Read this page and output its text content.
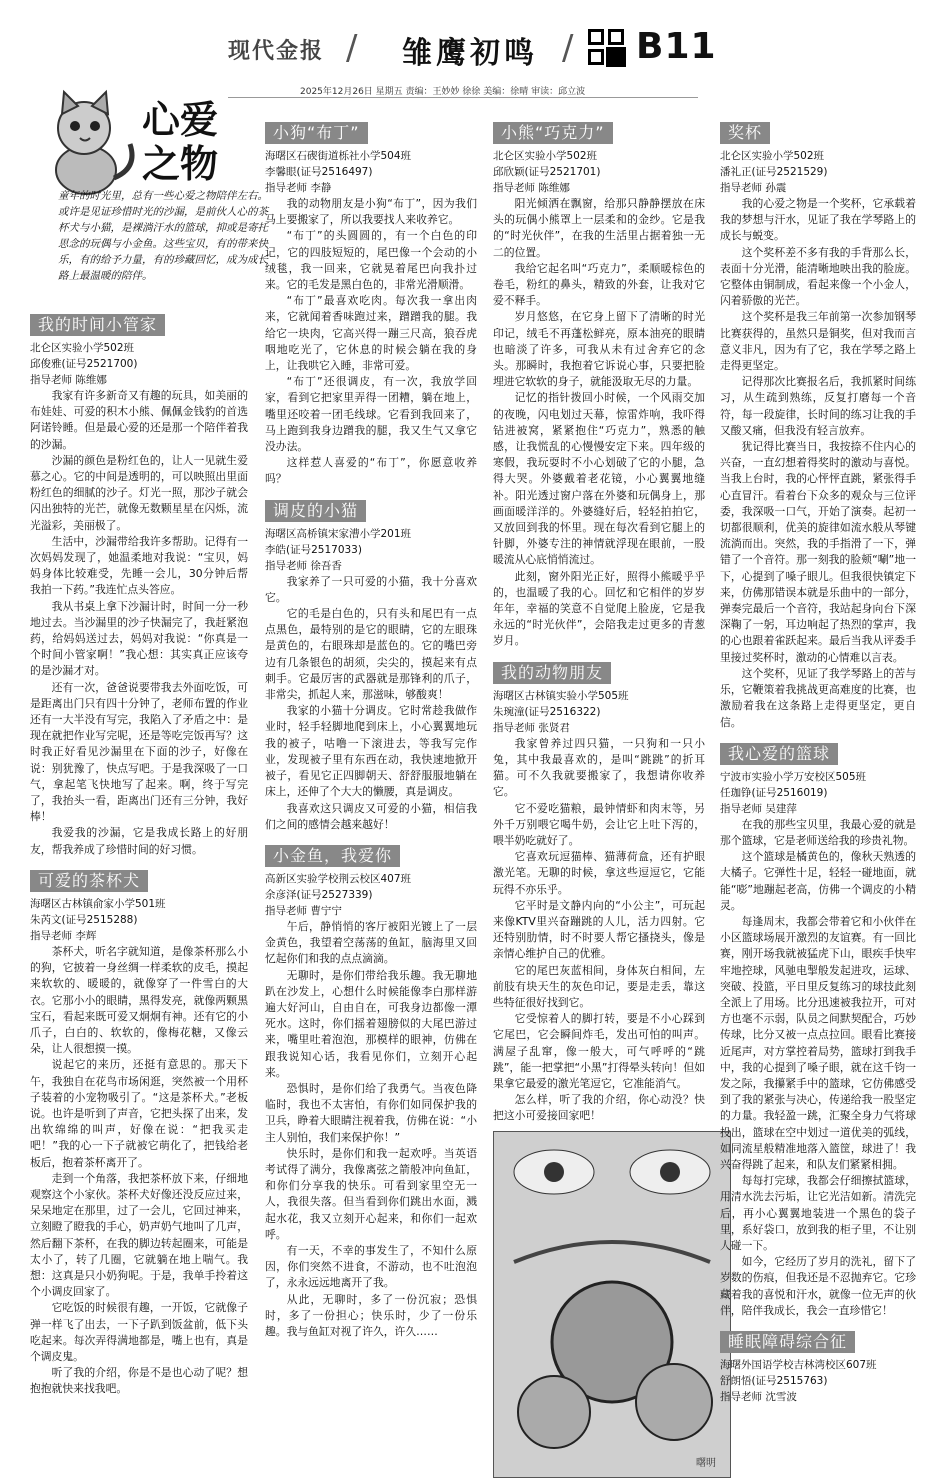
现代金报 / 雏鹰初鸣 / B11
2025年12月26日 星期五 责编：王妙妙 徐徐 美编：徐晴 审读：邱立波
心爱之物
童年的时光里，总有一些心爱之物陪伴左右。或许是见证珍惜时光的沙漏，是前伙人心的茶杯犬与小猫，是裸淌汗水的篮球，抑或是寄托思念的玩偶与小金鱼。这些宝贝，有的带来快乐，有的给予力量，有的珍藏回忆，成为成长路上最温暖的陪伴。
我的时间小管家
北仑区实验小学502班
邱俊雅(证号2521700)
指导老师 陈维娜

我家有许多新奇又有趣的玩具，如美丽的布娃娃、可爱的积木小熊、佩佩金钱豹的首选阿诺铃睡。但是最心爱的还是那一个陪伴着我的沙漏。

沙漏的颜色是粉红色的，让人一见就生爱慕之心。它的中间是透明的，可以映照出里面粉红色的细腻的沙子。灯光一照，那沙子就会闪出独特的光芒，就像无数颗星星在闪烁，流光溢彩，美丽极了。

生活中，沙漏带给我许多帮助。记得有一次妈妈发现了，她温柔地对我说：“宝贝，妈妈身体比较难受，先睡一会儿，30分钟后帮我拍一下药。”我连忙点头答应。

我从书桌上拿下沙漏计时，时间一分一秒地过去。当沙漏里的沙子快漏完了，我赶紧泡药，给妈妈送过去，妈妈对我说：“你真是一个时间小管家啊！”我心想：其实真正应该夸的是沙漏才对。

还有一次，爸爸说要带我去外面吃饭，可是距离出门只有四十分钟了，老师布置的作业还有一大半没有写完，我陷入了矛盾之中：是现在就把作业写完呢，还是等吃完饭再写？这时我正好看见沙漏里在下面的沙子，好像在说：别犹豫了，快点写吧。于是我深吸了一口气，拿起笔飞快地写了起来。啊，终于写完了，我抬头一看，距离出门还有三分钟，我好棒！

我爱我的沙漏，它是我成长路上的好朋友，帮我养成了珍惜时间的好习惯。

可爱的茶杯犬
海曙区古林镇俞家小学501班
朱芮文(证号2515288)
指导老师 李辉

茶杯犬，听名字就知道，是像茶杯那么小的狗，它披着一身丝绸一样柔软的皮毛，摸起来软软的、暖暖的，就像穿了一件雪白的大衣。它那小小的眼睛，黑得发亮，就像两颗黑宝石，看起来既可爱又炯炯有神。还有它的小爪子，白白的、软软的，像梅花糖，又像云朵，让人很想摸一摸。

说起它的来历，还挺有意思的。那天下午，我独自在花鸟市场闲逛，突然被一个用杯子装着的小宠物吸引了。“这是茶杯犬。”老板说。也许是听到了声音，它把头探了出来，发出软绵绵的叫声，好像在说：“把我买走吧！”我的心一下子就被它萌化了，把钱给老板后，抱着茶杯离开了。

走到一个角落，我把茶杯放下来，仔细地观察这个小家伙。茶杯犬好像还没反应过来，呆呆地定在那里，过了一会儿，它回过神来，立刻瞪了瞪我的手心，奶声奶气地叫了几声，然后翻下茶杯，在我的脚边转起圈来，可能是太小了，转了几圈，它就躺在地上喘气。我想：这真是只小奶狗呢。于是，我单手拎着这个小调皮回家了。

它吃饭的时候很有趣，一开饭，它就像子弹一样飞了出去，一下子趴到饭盆前，低下头吃起来。每次弄得满地都是，嘴上也有，真是个调皮鬼。

听了我的介绍，你是不是也心动了呢？想抱抱就快来找我吧。

小狗“布丁”
海曙区石碶街道栎社小学504班
李馨眼(证号2516497)
指导老师 李静

我的动物朋友是小狗“布丁”，因为我们马上要搬家了，所以我要找人来收养它。

“布丁”的头圆圆的，有一个白色的印记，它的四肢短短的，尾巴像一个会动的小绒毯，我一回来，它就晃着尾巴向我扑过来。它的毛发是黑白色的，非常光滑顺滑。

“布丁”最喜欢吃肉。每次我一拿出肉来，它就闻着香味跑过来，蹭蹭我的腿。我给它一块肉，它高兴得一蹦三尺高，狼吞虎咽地吃光了，它休息的时候会躺在我的身上，让我哄它入睡，非常可爱。

“布丁”还很调皮，有一次，我放学回家，看到它把家里弄得一团糟，躺在地上，嘴里还咬着一团毛线球。它看到我回来了，马上跑到我身边蹭我的腿，我又生气又拿它没办法。

这样惹人喜爱的“布丁”，你愿意收养吗？

调皮的小猫
海曙区高桥镇宋家漕小学201班
李皓(证号2517033)
指导老师 徐吾香

我家养了一只可爱的小猫，我十分喜欢它。

它的毛是白色的，只有头和尾巴有一点点黑色，最特别的是它的眼睛，它的左眼珠是黄色的，右眼珠却是蓝色的。它的嘴巴旁边有几条银色的胡须，尖尖的，摸起来有点刺手。它最厉害的武器就是那锋利的爪子，非常尖，抓起人来，那滋味，够酸爽！

我家的小猫十分调皮。它时常趁我做作业时，轻手轻脚地爬到床上，小心翼翼地玩我的被子，咕噜一下滚进去，等我写完作业，发现被子里有东西在动，我快速地掀开被子，看见它正四脚朝天、舒舒服服地躺在床上，还伸了个大大的懒腰，真是调皮。

我喜欢这只调皮又可爱的小猫，相信我们之间的感情会越来越好！

小金鱼，我爱你
高新区实验学校荆云校区407班
余彦泽(证号2527339)
指导老师 曹宁宁

午后，静悄悄的客厅被阳光镀上了一层金黄色，我望着空荡荡的鱼缸，脑海里又回忆起你们和我的点点滴滴。

无聊时，是你们带给我乐趣。我无聊地趴在沙发上，心想什么时候能像李白那样游遍大好河山，自由自在，可我身边都像一潭死水。这时，你们摇着翅膀似的大尾巴游过来，嘴里吐着泡泡，那模样的眼神，仿佛在跟我说知心话，我看见你们，立刻开心起来。

恐惧时，是你们给了我勇气。当夜色降临时，我也不太害怕，有你们如同保护我的卫兵，睁着大眼睛注视着我，仿佛在说：“小主人别怕，我们来保护你！”

快乐时，是你们和我一起欢呼。当英语考试得了满分，我像离弦之箭般冲向鱼缸，和你们分享我的快乐。可看到家里空无一人，我很失落。但当看到你们跳出水面，溅起水花，我又立刻开心起来，和你们一起欢呼。

有一天，不幸的事发生了，不知什么原因，你们突然不进食，不游动，也不吐泡泡了，永永远远地离开了我。

从此，无聊时，多了一份沉寂；恐惧时，多了一份担心；快乐时，少了一份乐趣。我与鱼缸对视了许久，许久……

小熊“巧克力”
北仑区实验小学502班
邱欣颖(证号2521701)
指导老师 陈维娜

阳光倾洒在飘窗，给那只静静摆放在床头的玩偶小熊罩上一层柔和的金纱。它是我的“时光伙伴”，在我的生活里占据着独一无二的位置。

我给它起名叫“巧克力”，柔顺暖棕色的卷毛，粉红的鼻头，精致的外套，让我对它爱不释手。

岁月悠悠，在它身上留下了清晰的时光印记，绒毛不再蓬松鲜亮，原本油亮的眼睛也暗淡了许多，可我从未有过舍弃它的念头。那瞬时，我抱着它诉说心事，只要把脸埋进它软软的身子，就能汲取无尽的力量。

记忆的指针拨回小时候，一个风雨交加的夜晚，闪电划过天幕，惊雷炸响，我吓得钻进被窝，紧紧抱住“巧克力”，熟悉的触感，让我慌乱的心慢慢安定下来。四年级的寒假，我玩耍时不小心划破了它的小腿，急得大哭。外婆戴着老花镜，小心翼翼地缝补。阳光透过窗户落在外婆和玩偶身上，那画面暖洋洋的。外婆缝好后，轻轻拍拍它，又放回到我的怀里。现在每次看到它腿上的针脚，外婆专注的神情就浮现在眼前，一股暖流从心底悄悄流过。

此刻，窗外阳光正好，照得小熊暖乎乎的，也温暖了我的心。回忆和它相伴的岁岁年年，幸福的笑意不自觉爬上脸庞，它是我永远的“时光伙伴”，会陪我走过更多的青葱岁月。

我的动物朋友
海曙区古林镇实验小学505班
朱琬潼(证号2516322)
指导老师 张贤君

我家曾养过四只猫，一只狗和一只小兔，其中我最喜欢的，是叫“跳跳”的折耳猫。可不久我就要搬家了，我想请你收养它。

它不爱吃猫粮，最钟情虾和肉末等，另外千万别喂它喝牛奶，会让它上吐下泻的，喂半奶吃就好了。

它喜欢玩逗猫棒、猫薄荷盒，还有护眼激光笔。无聊的时候，拿这些逗逗它，它能玩得不亦乐乎。

它平时是文静内向的“小公主”，可玩起来像KTV里兴奋蹦跳的人儿，活力四射。它还特别肋情，时不时要人帮它搔挠头，像是亲情心维护自己的优雅。

它的尾巴灰蓝相间，身体灰白相间，左前肢有块天生的灰色印记，要是走丢，靠这些特征很好找到它。

它受惊着人的脚打转，要是不小心踩到它尾巴，它会瞬间炸毛，发出可怕的叫声。满屋子乱窜，像一般大，可气呼呼的“跳跳”，能一把掌把“小黑”打得晕头转向！但如果拿它最爱的激光笔逗它，它准能消气。

怎么样，听了我的介绍，你心动没？快把这小可爱接回家吧！

曙明
奖杯
北仑区实验小学502班
潘礼正(证号2521529)
指导老师 孙震

我的心爱之物是一个奖杯，它承载着我的梦想与汗水，见证了我在学琴路上的成长与蜕变。

这个奖杯差不多有我的手背那么长，表面十分光滑，能清晰地映出我的脸庞。它整体由铜制成，看起来像一个小金人，闪着骄傲的光芒。

这个奖杯是我三年前第一次参加钢琴比赛获得的，虽然只是铜奖，但对我而言意义非凡，因为有了它，我在学琴之路上走得更坚定。

记得那次比赛报名后，我抓紧时间练习，从生疏到熟练，反复打磨每一个音符，每一段旋律，长时间的练习让我的手又酸又痛，但我没有轻言放弃。

犹记得比赛当日，我按捺不住内心的兴奋，一直幻想着得奖时的激动与喜悦。当我上台时，我的心怦怦直跳，紧张得手心直冒汗。看着台下众多的观众与三位评委，我深吸一口气，开始了演奏。起初一切都很顺利，优美的旋律如流水般从琴键流淌而出。突然，我的手指滑了一下，弹错了一个音符。那一刻我的脸颊“唰”地一下，心提到了嗓子眼儿。但我很快镇定下来，仿佛那错误本就是乐曲中的一部分，弹奏完最后一个音符，我站起身向台下深深鞠了一躬，耳边响起了热烈的掌声，我的心也跟着雀跃起来。最后当我从评委手里接过奖杯时，激动的心情难以言表。

这个奖杯，见证了我学琴路上的苦与乐，它鞭策着我挑战更高难度的比赛，也激励着我在这条路上走得更坚定，更自信。

我心爱的篮球
宁波市实验小学万安校区505班
任珈铮(证号2516019)
指导老师 吴建萍

在我的那些宝贝里，我最心爱的就是那个篮球，它是老师送给我的珍贵礼物。

这个篮球是橘黄色的，像秋天熟透的大橘子。它弹性十足，轻轻一碰地面，就能“嘭”地蹦起老高，仿佛一个调皮的小精灵。

每逢周末，我都会带着它和小伙伴在小区篮球场展开激烈的友谊赛。有一回比赛，刚开场我就被猛虎下山，眼疾手快牢牢地控球，风驰电掣般发起进攻，运球、突破、投篮，平日里反复练习的球技此刻全派上了用场。比分迅速被我拉开，可对方也毫不示弱，队员之间默契配合，巧妙传球，比分又被一点点拉回。眼看比赛接近尾声，对方掌控着局势，篮球打到我手中，我的心提到了嗓子眼，就在这千钧一发之际，我攥紧手中的篮球，它仿佛感受到了我的紧张与决心，传递给我一股坚定的力量。我轻盈一跳，汇聚全身力气将球投出，篮球在空中划过一道优美的弧线，如同流星般精准地落入篮筐，球进了！我兴奋得跳了起来，和队友们紧紧相拥。

每每打完球，我都会仔细擦拭篮球，用清水洗去污垢，让它光洁如新。清洗完后，再小心翼翼地装进一个黑色的袋子里，系好袋口，放到我的柜子里，不让别人碰一下。

如今，它经历了岁月的洗礼，留下了岁数的伤痕，但我还是不忍抛弃它。它珍藏着我的喜悦和汗水，就像一位无声的伙伴，陪伴我成长，我会一直珍惜它！

睡眠障碍综合征
海曙外国语学校吉林湾校区607班
舒朗悟(证号2515763)
指导老师 沈雪波
